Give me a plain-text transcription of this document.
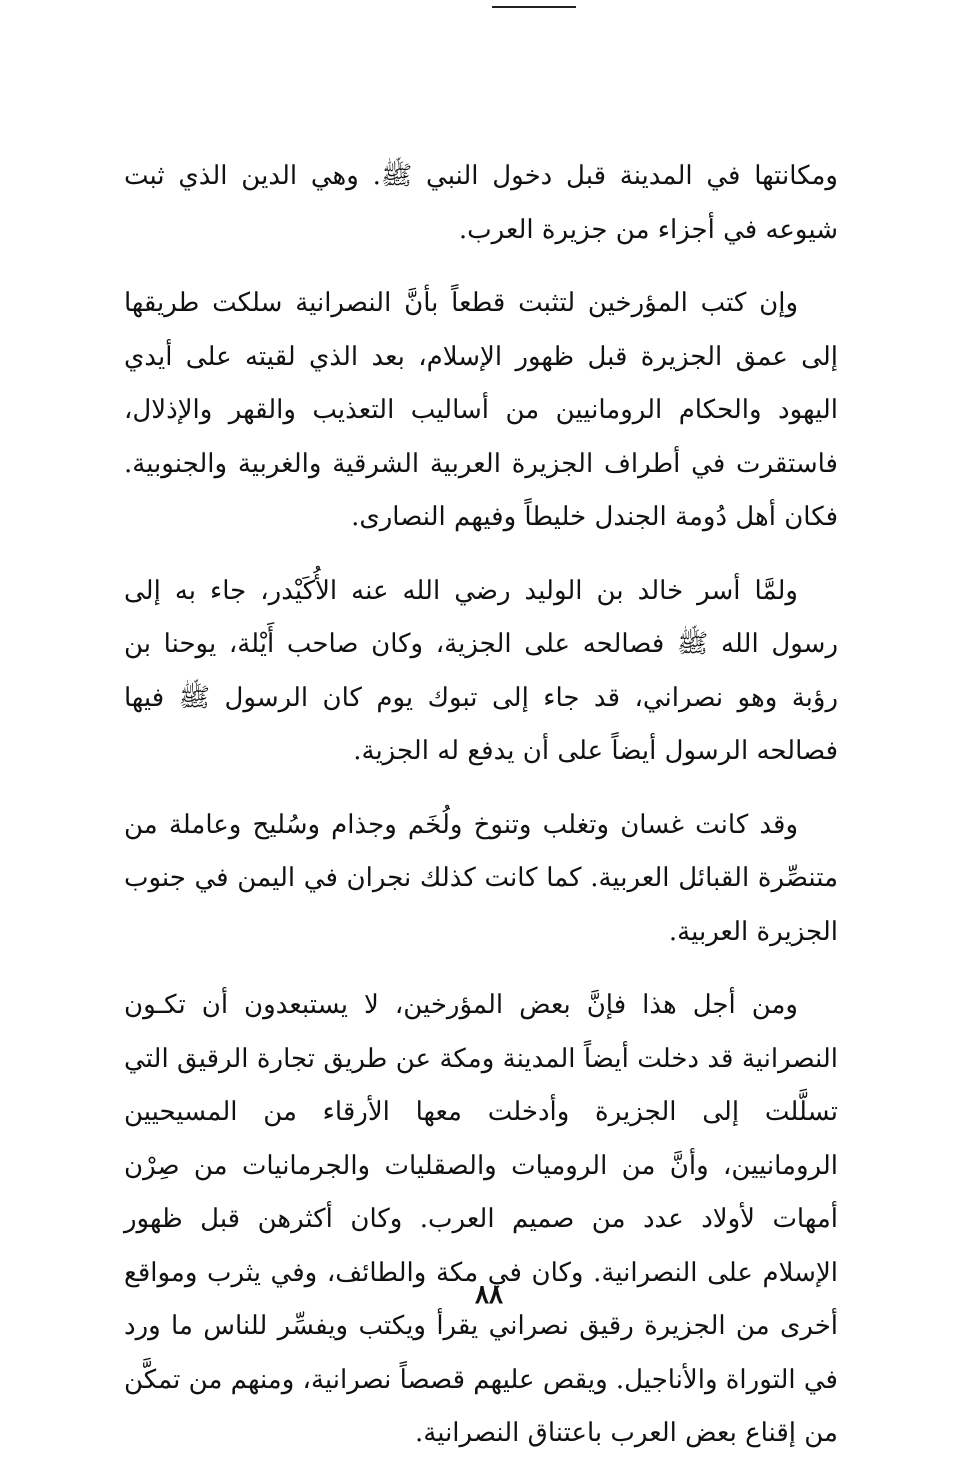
ومكانتها في المدينة قبل دخول النبي ﷺ. وهي الدين الذي ثبت شيوعه في أجزاء من جزيرة العرب.

وإن كتب المؤرخين لتثبت قطعاً بأنَّ النصرانية سلكت طريقها إلى عمق الجزيرة قبل ظهور الإسلام، بعد الذي لقيته على أيدي اليهود والحكام الرومانيين من أساليب التعذيب والقهر والإذلال، فاستقرت في أطراف الجزيرة العربية الشرقية والغربية والجنوبية. فكان أهل دُومة الجندل خليطاً وفيهم النصارى.

ولمَّا أسر خالد بن الوليد رضي الله عنه الأُكَيْدر، جاء به إلى رسول الله ﷺ فصالحه على الجزية، وكان صاحب أَيْلة، يوحنا بن رؤبة وهو نصراني، قد جاء إلى تبوك يوم كان الرسول ﷺ فيها فصالحه الرسول أيضاً على أن يدفع له الجزية.

وقد كانت غسان وتغلب وتنوخ ولُخَم وجذام وسُليح وعاملة من متنصِّرة القبائل العربية. كما كانت كذلك نجران في اليمن في جنوب الجزيرة العربية.

ومن أجل هذا فإنَّ بعض المؤرخين، لا يستبعدون أن تكـون النصرانية قد دخلت أيضاً المدينة ومكة عن طريق تجارة الرقيق التي تسلَّلت إلى الجزيرة وأدخلت معها الأرقاء من المسيحيين الرومانيين، وأنَّ من الروميات والصقليات والجرمانيات من صِرْن أمهات لأولاد عدد من صميم العرب. وكان أكثرهن قبل ظهور الإسلام على النصرانية. وكان في مكة والطائف، وفي يثرب ومواقع أخرى من الجزيرة رقيق نصراني يقرأ ويكتب ويفسِّر للناس ما ورد في التوراة والأناجيل. ويقص عليهم قصصاً نصرانية، ومنهم من تمكَّن من إقناع بعض العرب باعتناق النصرانية.

٨٨
